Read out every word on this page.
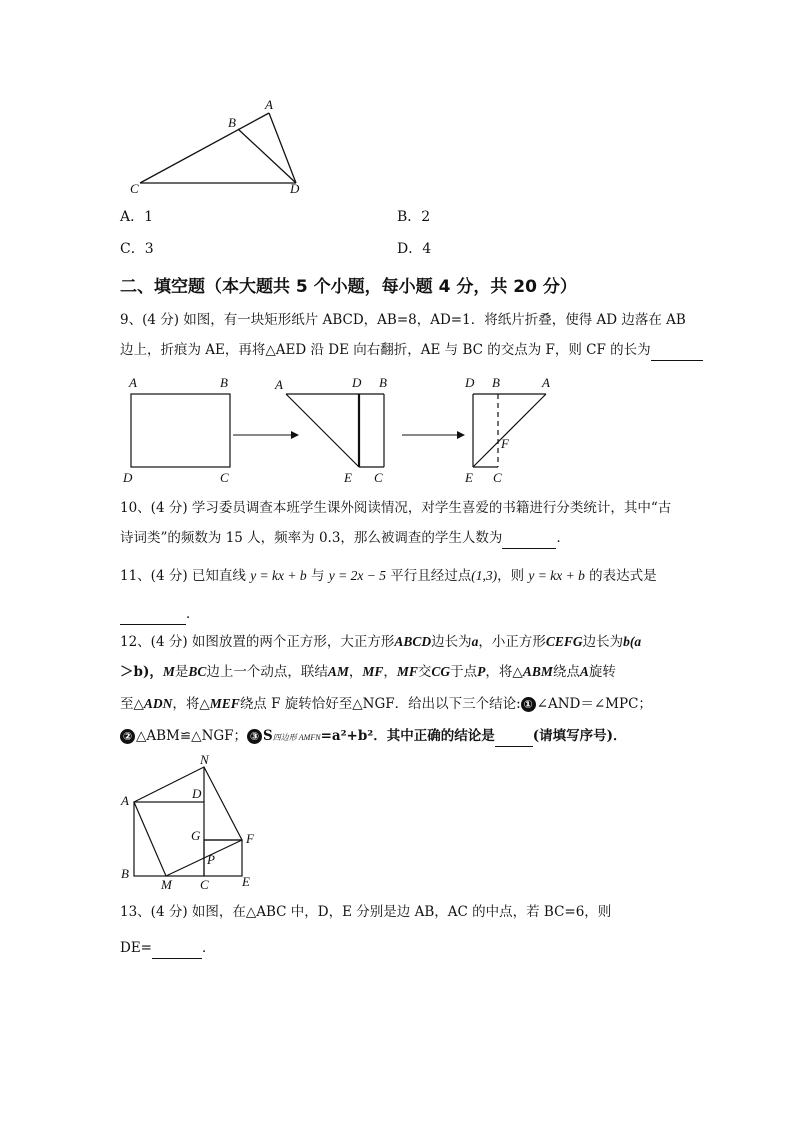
A
B
C	D
A．1	B．2
C．3	D．4
二、填空题（本大题共 5 个小题，每小题 4 分，共 20 分）
9、(4 分) 如图，有一块矩形纸片 ABCD，AB=8，AD=1．将纸片折叠，使得 AD 边落在 AB
边上，折痕为 AE，再将△AED 沿 DE 向右翻折，AE 与 BC 的交点为 F，则 CF 的长为
A	B
D	C
A	D B
E C
D B	A
F
E C
10、(4 分) 学习委员调查本班学生课外阅读情况，对学生喜爱的书籍进行分类统计，其中“古
诗词类”的频数为 15 人，频率为 0.3，那么被调查的学生人数为	．
11、(4 分) 已知直线 y = kx + b 与 y = 2x − 5 平行且经过点(1,3)，则 y = kx + b 的表达式是
．
12、(4 分) 如图放置的两个正方形，大正方形ABCD边长为a，小正方形CEFG边长为b(a
＞b)，M是BC边上一个动点，联结AM，MF，MF交CG于点P，将△ABM绕点A旋转
至△ADN，将△MEF绕点 F 旋转恰好至△NGF．给出以下三个结论: ① ∠AND＝∠MPC；
② △ABM≌△NGF； ③ S四边形 AMFN=a²+b²．其中正确的结论是	(请填写序号)．
N
A	D
G	F
P
B
M C	E
13、(4 分) 如图，在△ABC 中，D，E 分别是边 AB，AC 的中点，若 BC=6，则
DE=	．
